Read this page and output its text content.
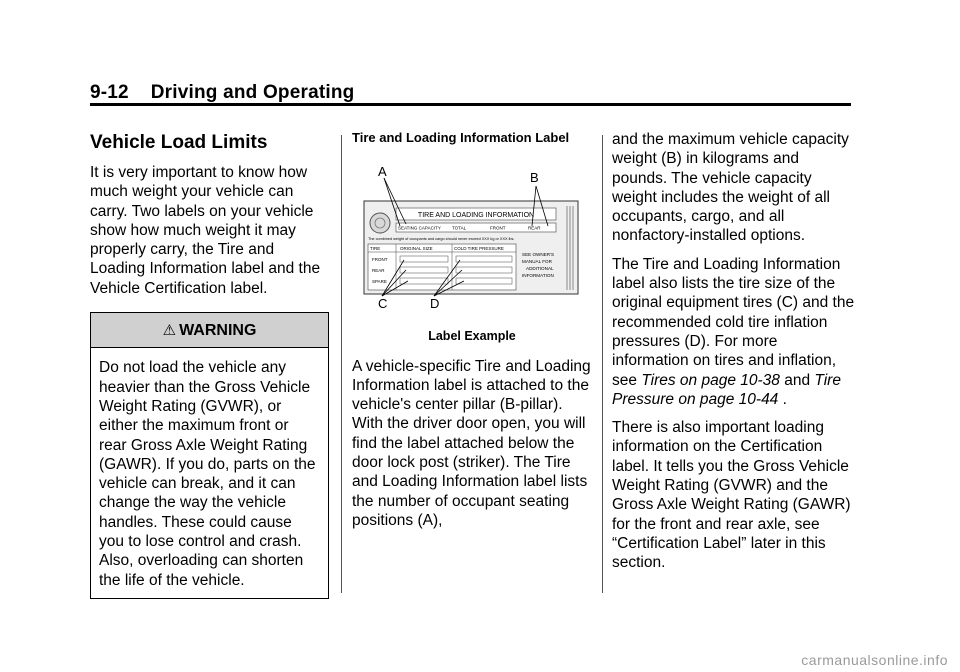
9-12 Driving and Operating
Vehicle Load Limits

It is very important to know how much weight your vehicle can carry. Two labels on your vehicle show how much weight it may properly carry, the Tire and Loading Information label and the Vehicle Certification label.

⚠ WARNING
Do not load the vehicle any heavier than the Gross Vehicle Weight Rating (GVWR), or either the maximum front or rear Gross Axle Weight Rating (GAWR). If you do, parts on the vehicle can break, and it can change the way the vehicle handles. These could cause you to lose control and crash. Also, overloading can shorten the life of the vehicle.
Tire and Loading Information Label
A	B
C	D
TIRE AND LOADING INFORMATION
SEATING CAPACITY TOTAL	FRONT	REAR
The combined weight of occupants and cargo should never exceed XXX kg or XXX lbs.
TIRE	ORIGINAL SIZE	COLD TIRE PRESSURE
FRONT
REAR
SPARE
SEE OWNER'S
MANUAL FOR
ADDITIONAL
INFORMATION
Label Example

A vehicle-specific Tire and Loading Information label is attached to the vehicle's center pillar (B-pillar). With the driver door open, you will find the label attached below the door lock post (striker). The Tire and Loading Information label lists the number of occupant seating positions (A),

and the maximum vehicle capacity weight (B) in kilograms and pounds. The vehicle capacity weight includes the weight of all occupants, cargo, and all nonfactory-installed options.

The Tire and Loading Information label also lists the tire size of the original equipment tires (C) and the recommended cold tire inflation pressures (D). For more information on tires and inflation, see Tires on page 10-38 and Tire Pressure on page 10-44 .

There is also important loading information on the Certification label. It tells you the Gross Vehicle Weight Rating (GVWR) and the Gross Axle Weight Rating (GAWR) for the front and rear axle, see “Certification Label” later in this section.

carmanualsonline.info
